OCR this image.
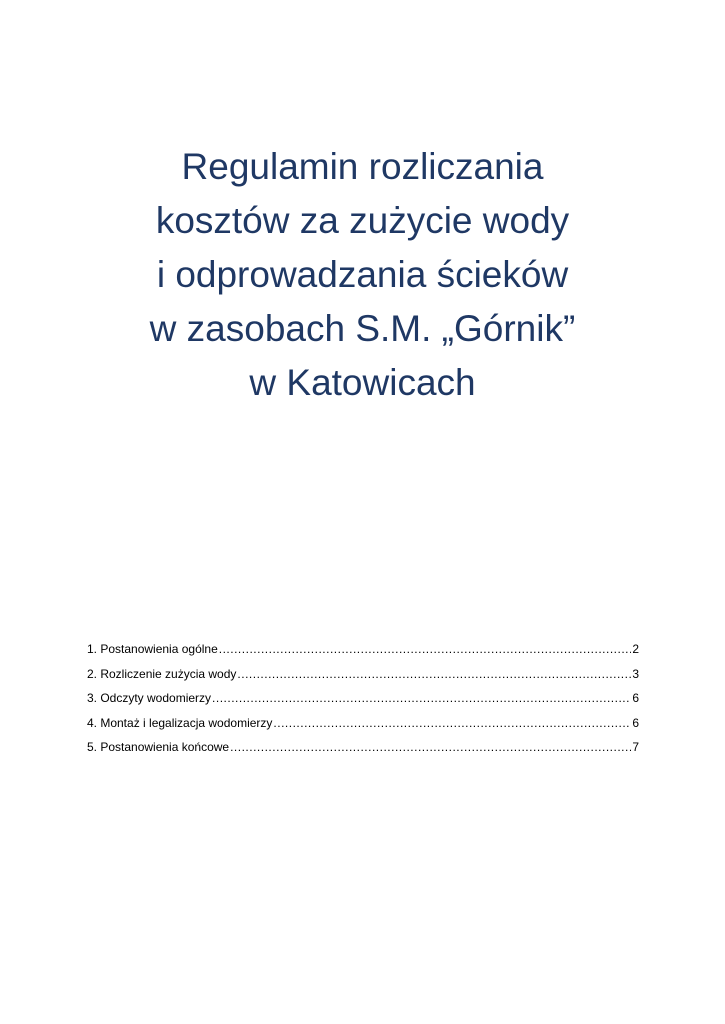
Regulamin rozliczania
kosztów za zużycie wody
i odprowadzania ścieków
w zasobach S.M. „Górnik”
w Katowicach
1. Postanowienia ogólne .....	2
2. Rozliczenie zużycia wody .....	3
3. Odczyty wodomierzy .....	6
4. Montaż i legalizacja wodomierzy .....	6
5. Postanowienia końcowe .....	7
